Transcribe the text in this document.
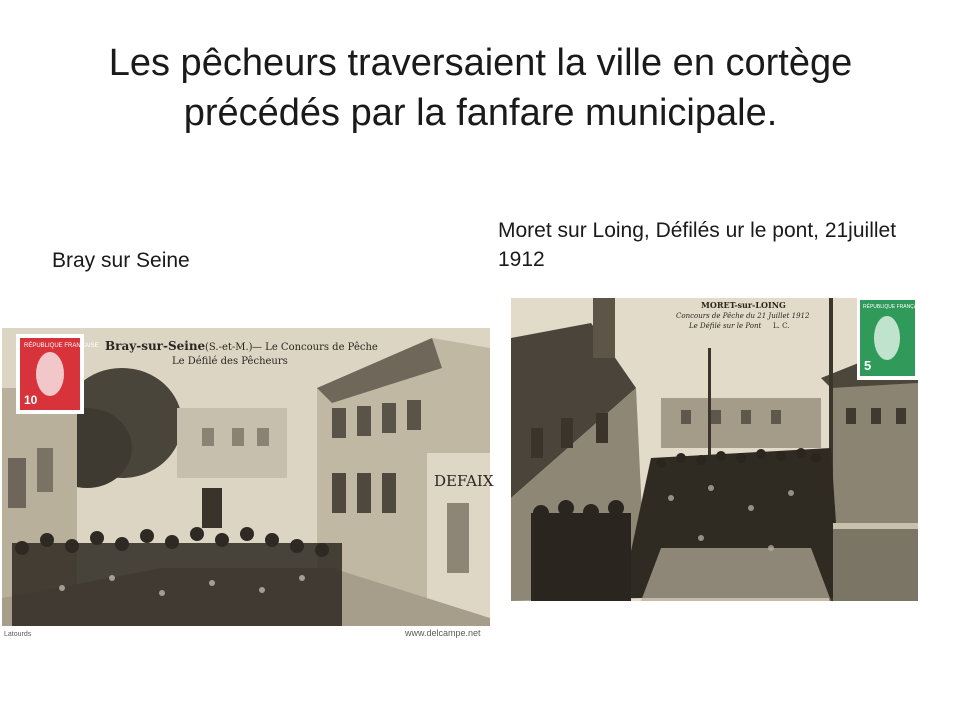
Les pêcheurs traversaient la ville en cortège précédés par la fanfare municipale.
Bray sur Seine
Moret sur Loing, Défilés ur le pont, 21juillet 1912
DEFAIX
Bray-sur-Seine (S.-et-M.) — Le Concours de Pêche
Le Défilé des Pêcheurs
RÉPUBLIQUE FRANÇAISE
10
Latourds	www.delcampe.net
MORET-sur-LOING
Concours de Pêche du 21 Juillet 1912
Le Défilé sur le Pont L. C.
RÉPUBLIQUE FRANÇAISE
5
